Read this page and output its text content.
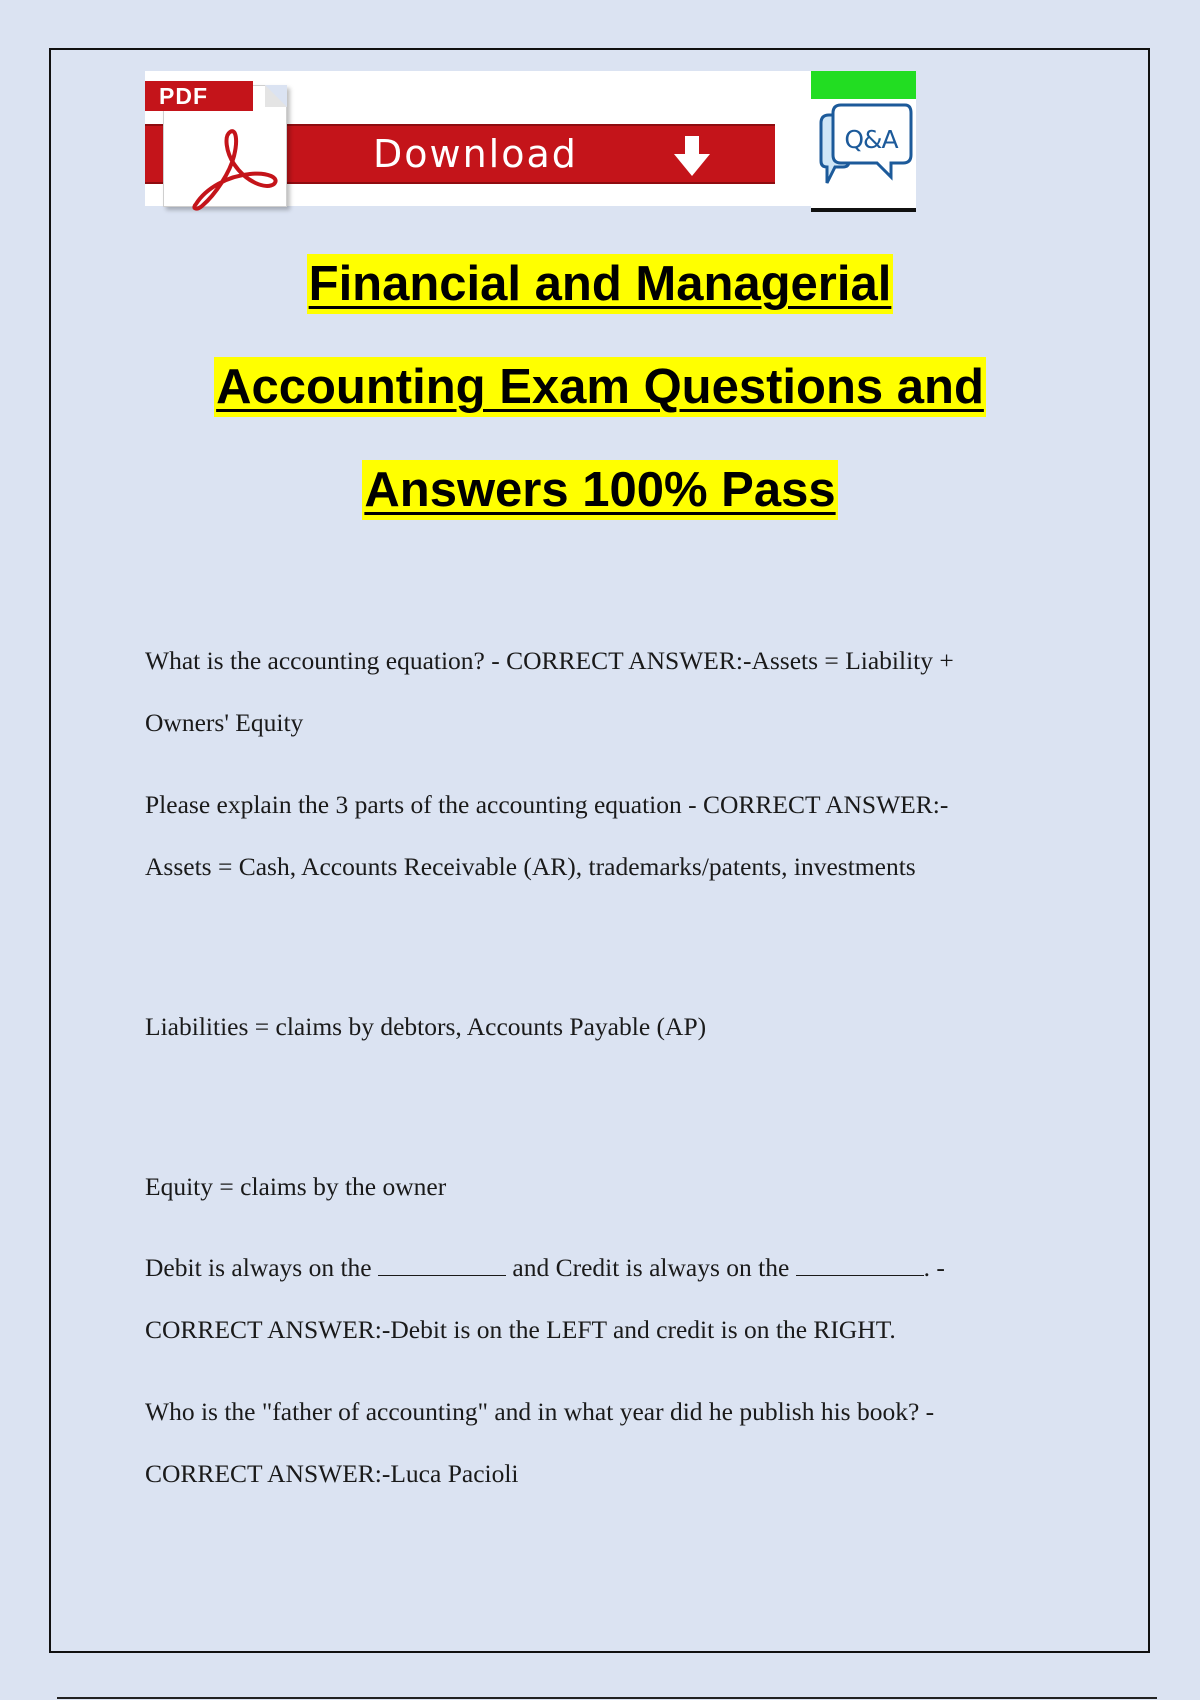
PDF
Download	Q&A
Financial and Managerial
Accounting Exam Questions and
Answers 100% Pass
What is the accounting equation? - CORRECT ANSWER:-Assets = Liability +
Owners' Equity
Please explain the 3 parts of the accounting equation - CORRECT ANSWER:-
Assets = Cash, Accounts Receivable (AR), trademarks/patents, investments
Liabilities = claims by debtors, Accounts Payable (AP)
Equity = claims by the owner
Debit is always on the	and Credit is always on the	. -
CORRECT ANSWER:-Debit is on the LEFT and credit is on the RIGHT.
Who is the "father of accounting" and in what year did he publish his book? -
CORRECT ANSWER:-Luca Pacioli
